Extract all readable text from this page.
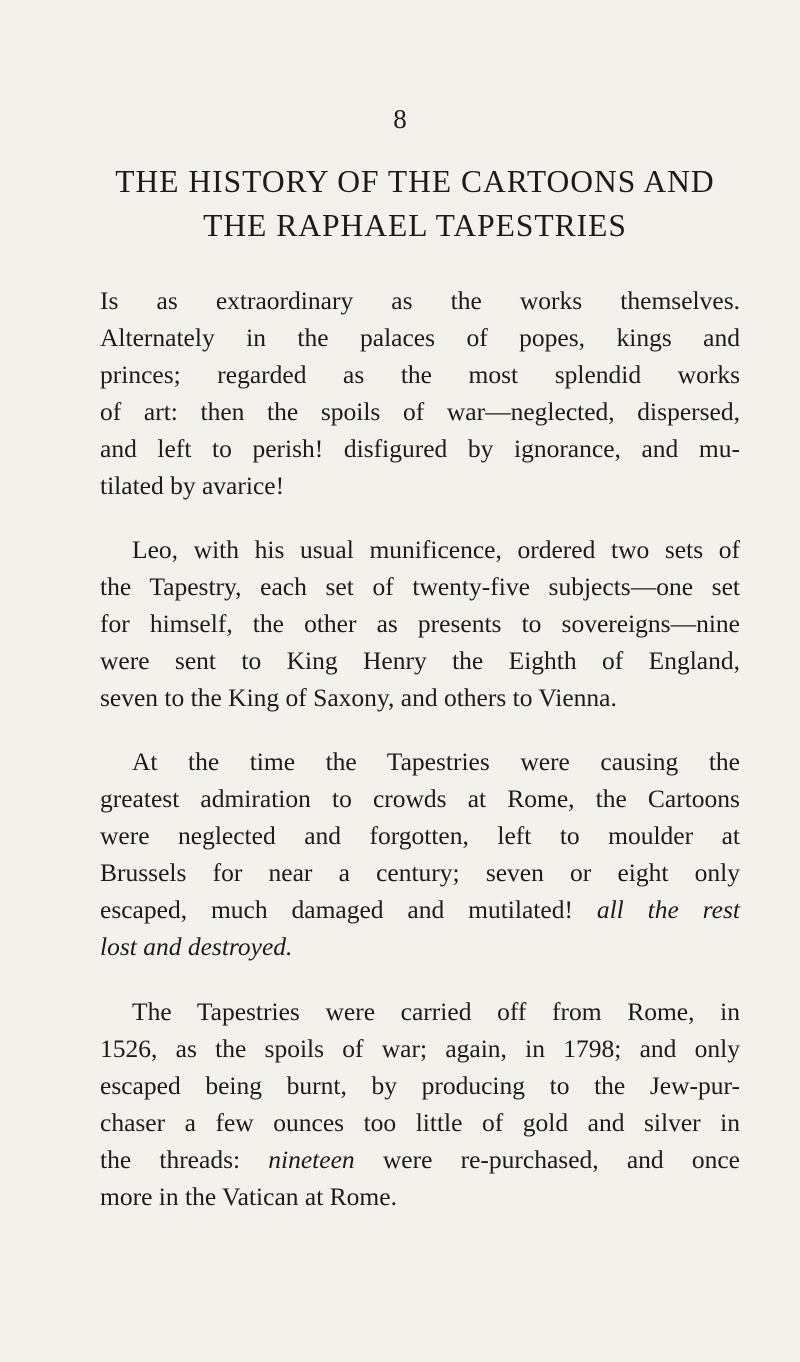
8
THE HISTORY OF THE CARTOONS AND
THE RAPHAEL TAPESTRIES
Is as extraordinary as the works themselves.
Alternately in the palaces of popes, kings and
princes; regarded as the most splendid works
of art: then the spoils of war—neglected, dispersed,
and left to perish! disfigured by ignorance, and mu-
tilated by avarice!
Leo, with his usual munificence, ordered two sets of
the Tapestry, each set of twenty-five subjects—one set
for himself, the other as presents to sovereigns—nine
were sent to King Henry the Eighth of England,
seven to the King of Saxony, and others to Vienna.
At the time the Tapestries were causing the
greatest admiration to crowds at Rome, the Cartoons
were neglected and forgotten, left to moulder at
Brussels for near a century; seven or eight only
escaped, much damaged and mutilated! all the rest
lost and destroyed.
The Tapestries were carried off from Rome, in
1526, as the spoils of war; again, in 1798; and only
escaped being burnt, by producing to the Jew-pur-
chaser a few ounces too little of gold and silver in
the threads: nineteen were re-purchased, and once
more in the Vatican at Rome.
